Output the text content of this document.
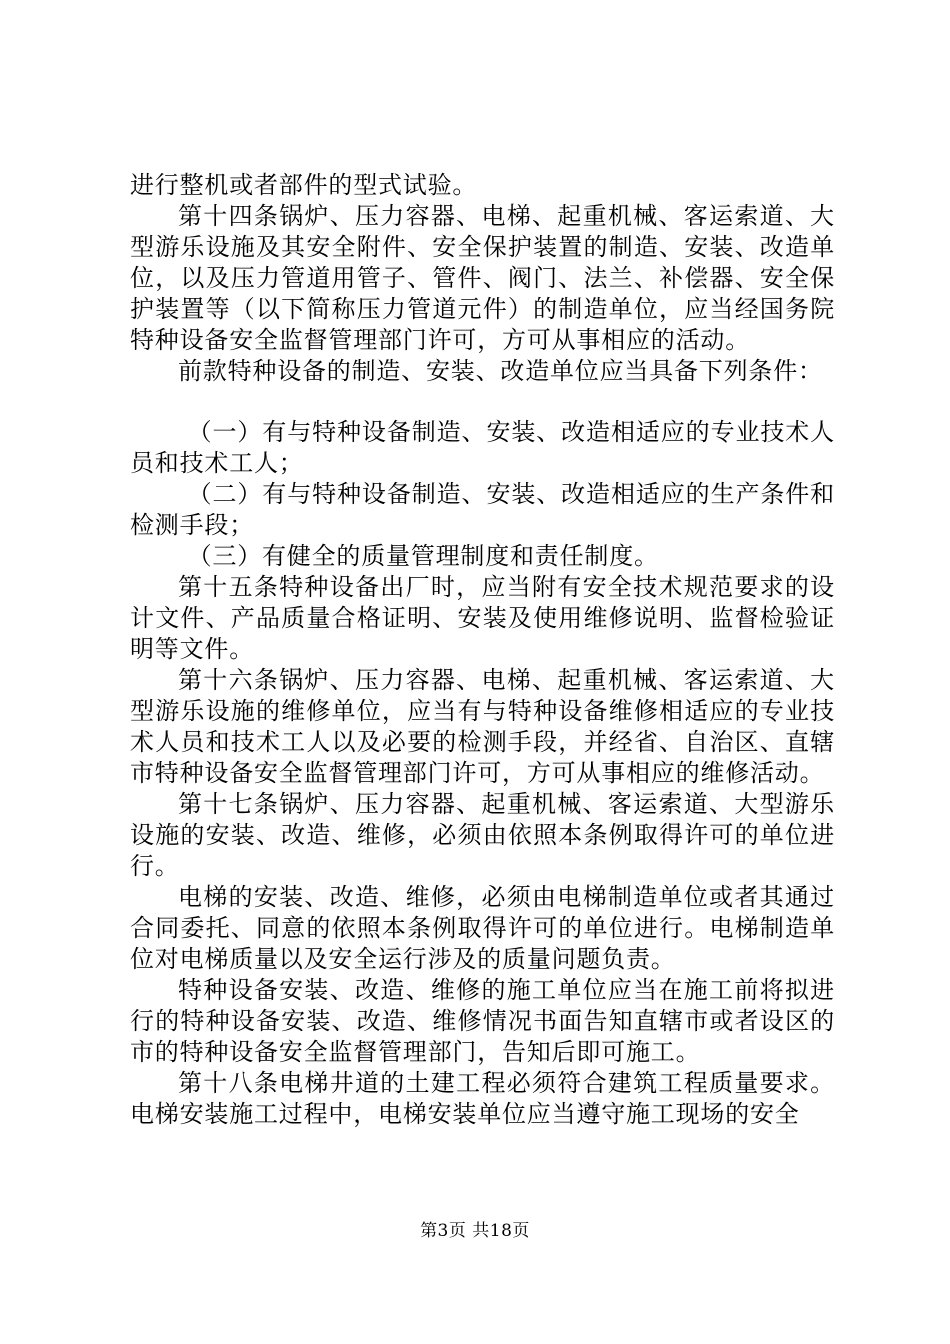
进行整机或者部件的型式试验。

第十四条锅炉、压力容器、电梯、起重机械、客运索道、大型游乐设施及其安全附件、安全保护装置的制造、安装、改造单位，以及压力管道用管子、管件、阀门、法兰、补偿器、安全保护装置等（以下简称压力管道元件）的制造单位，应当经国务院特种设备安全监督管理部门许可，方可从事相应的活动。

前款特种设备的制造、安装、改造单位应当具备下列条件：

（一）有与特种设备制造、安装、改造相适应的专业技术人员和技术工人；

（二）有与特种设备制造、安装、改造相适应的生产条件和检测手段；

（三）有健全的质量管理制度和责任制度。

第十五条特种设备出厂时，应当附有安全技术规范要求的设计文件、产品质量合格证明、安装及使用维修说明、监督检验证明等文件。

第十六条锅炉、压力容器、电梯、起重机械、客运索道、大型游乐设施的维修单位，应当有与特种设备维修相适应的专业技术人员和技术工人以及必要的检测手段，并经省、自治区、直辖市特种设备安全监督管理部门许可，方可从事相应的维修活动。

第十七条锅炉、压力容器、起重机械、客运索道、大型游乐设施的安装、改造、维修，必须由依照本条例取得许可的单位进行。

电梯的安装、改造、维修，必须由电梯制造单位或者其通过合同委托、同意的依照本条例取得许可的单位进行。电梯制造单位对电梯质量以及安全运行涉及的质量问题负责。

特种设备安装、改造、维修的施工单位应当在施工前将拟进行的特种设备安装、改造、维修情况书面告知直辖市或者设区的市的特种设备安全监督管理部门，告知后即可施工。

第十八条电梯井道的土建工程必须符合建筑工程质量要求。电梯安装施工过程中，电梯安装单位应当遵守施工现场的安全

第3页 共18页
